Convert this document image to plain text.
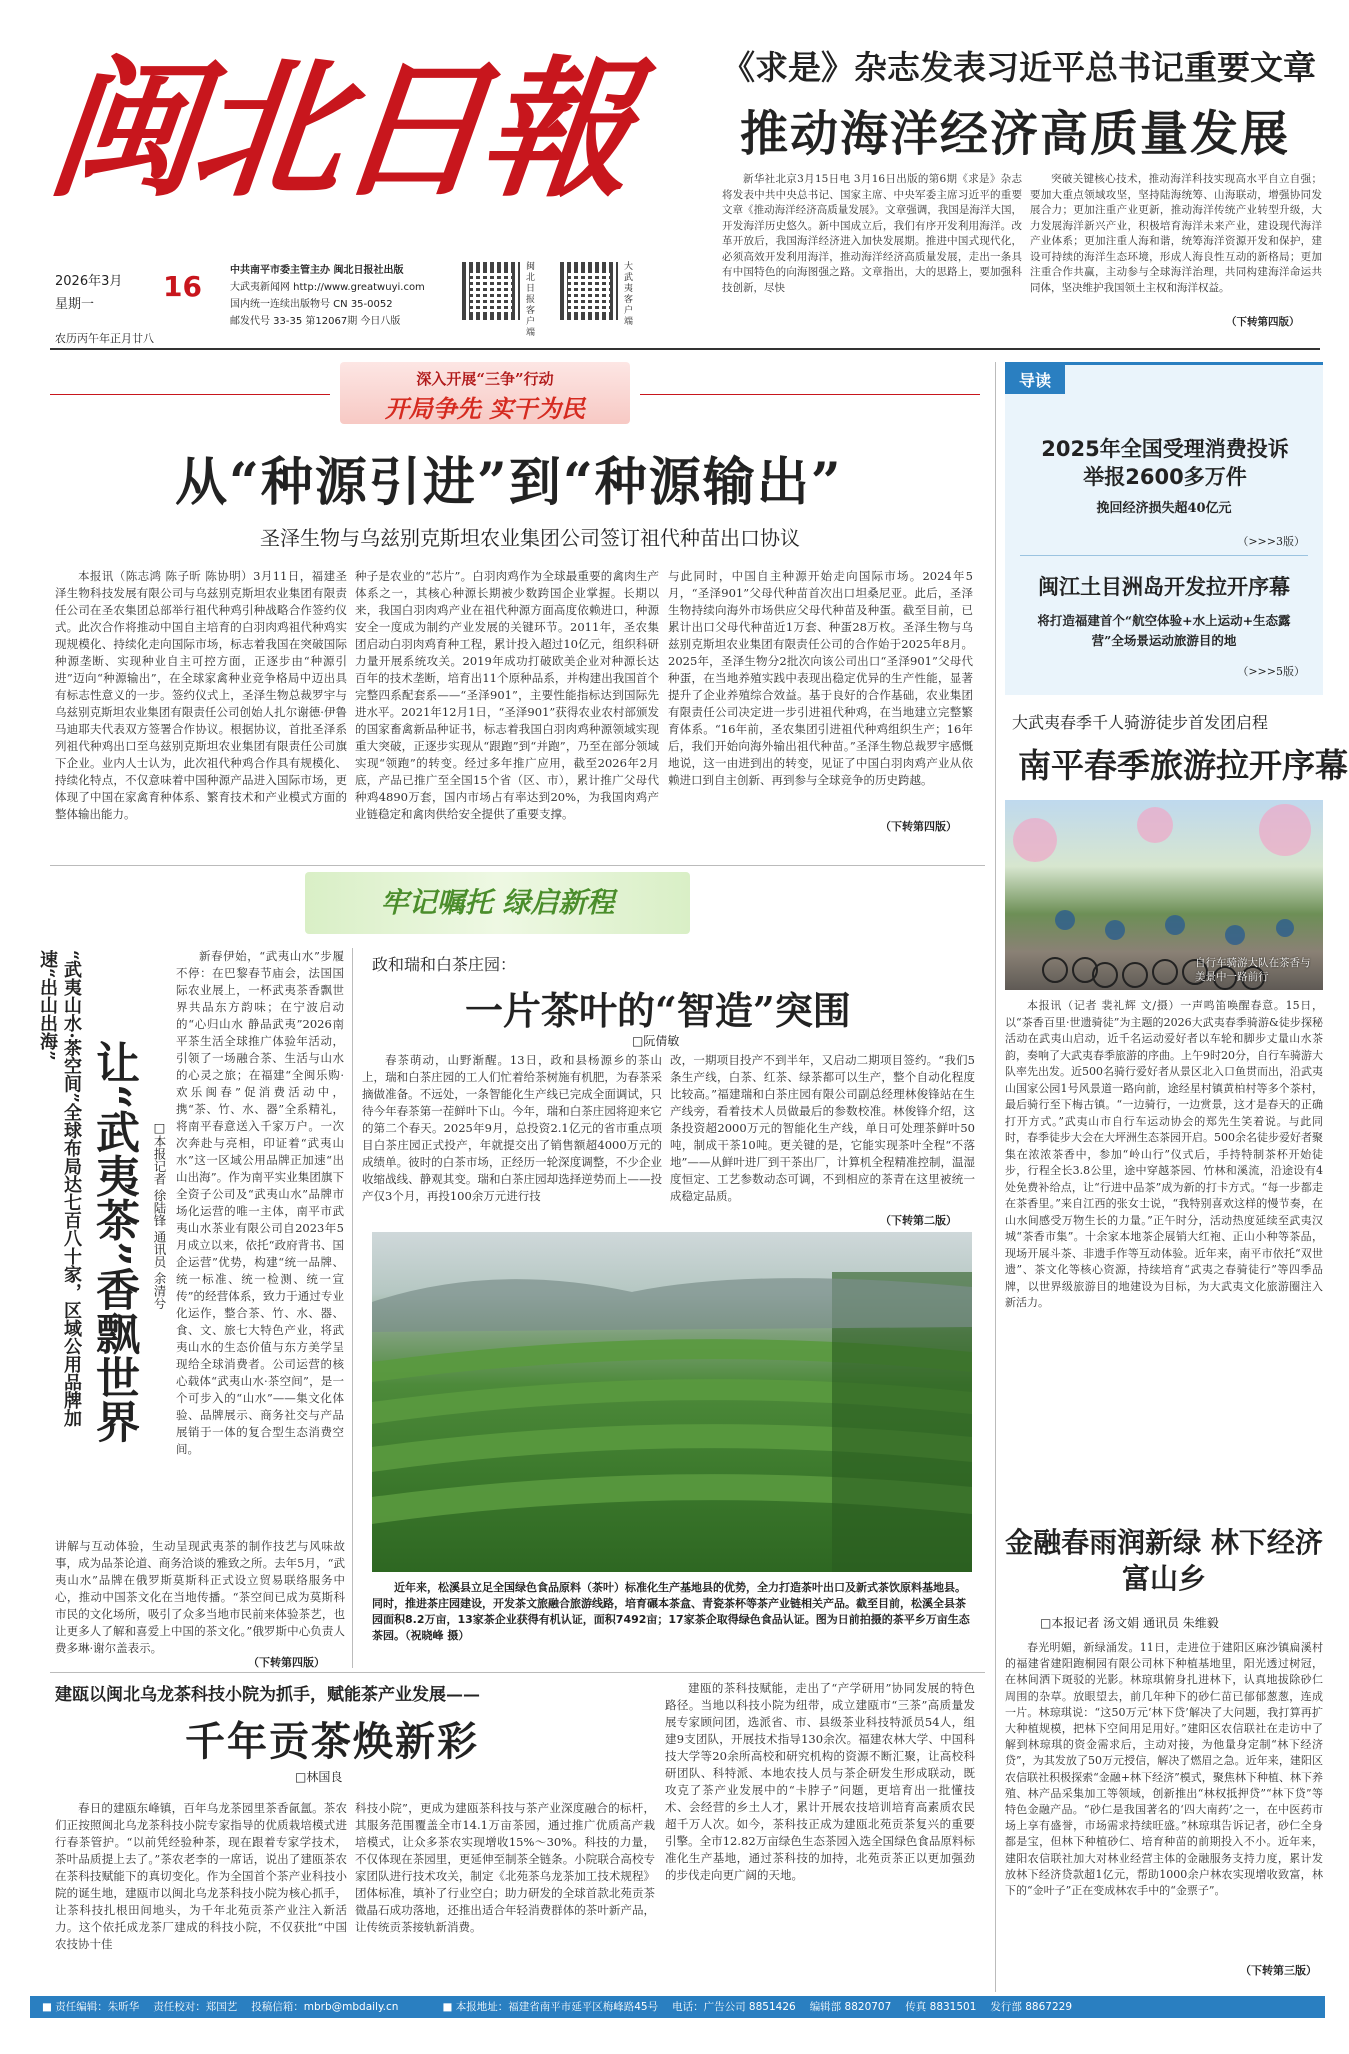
闽北日報
2026年3月
星期一
16
农历丙午年正月廿八
中共南平市委主管主办 闽北日报社出版
大武夷新闻网 http://www.greatwuyi.com
国内统一连续出版物号 CN 35-0052
邮发代号 33-35 第12067期 今日八版
闽北日报客户端
大武夷客户端
《求是》杂志发表习近平总书记重要文章
推动海洋经济高质量发展

新华社北京3月15日电 3月16日出版的第6期《求是》杂志将发表中共中央总书记、国家主席、中央军委主席习近平的重要文章《推动海洋经济高质量发展》。文章强调，我国是海洋大国，开发海洋历史悠久。新中国成立后，我们有序开发利用海洋。改革开放后，我国海洋经济进入加快发展期。推进中国式现代化，必须高效开发利用海洋，推动海洋经济高质量发展，走出一条具有中国特色的向海图强之路。文章指出，大的思路上，要加强科技创新，尽快

突破关键核心技术，推动海洋科技实现高水平自立自强；要加大重点领域攻坚，坚持陆海统筹、山海联动，增强协同发展合力；更加注重产业更新，推动海洋传统产业转型升级，大力发展海洋新兴产业，积极培育海洋未来产业，建设现代海洋产业体系；更加注重人海和谐，统筹海洋资源开发和保护，建设可持续的海洋生态环境，形成人海良性互动的新格局；更加注重合作共赢，主动参与全球海洋治理，共同构建海洋命运共同体，坚决维护我国领土主权和海洋权益。

（下转第四版）
深入开展“三争”行动
开局争先 实干为民
从“种源引进”到“种源输出”
圣泽生物与乌兹别克斯坦农业集团公司签订祖代种苗出口协议

本报讯（陈志鸿 陈子昕 陈协明）3月11日，福建圣泽生物科技发展有限公司与乌兹别克斯坦农业集团有限责任公司在圣农集团总部举行祖代种鸡引种战略合作签约仪式。此次合作将推动中国自主培育的白羽肉鸡祖代种鸡实现规模化、持续化走向国际市场，标志着我国在突破国际种源垄断、实现种业自主可控方面，正逐步由“种源引进”迈向“种源输出”，在全球家禽种业竞争格局中迈出具有标志性意义的一步。签约仪式上，圣泽生物总裁罗宇与乌兹别克斯坦农业集团有限责任公司创始人扎尔谢德·伊鲁马迪耶夫代表双方签署合作协议。根据协议，首批圣泽系列祖代种鸡出口至乌兹别克斯坦农业集团有限责任公司旗下企业。业内人士认为，此次祖代种鸡合作具有规模化、持续化特点，不仅意味着中国种源产品进入国际市场，更体现了中国在家禽育种体系、繁育技术和产业模式方面的整体输出能力。

种子是农业的“芯片”。白羽肉鸡作为全球最重要的禽肉生产体系之一，其核心种源长期被少数跨国企业掌握。长期以来，我国白羽肉鸡产业在祖代种源方面高度依赖进口，种源安全一度成为制约产业发展的关键环节。2011年，圣农集团启动白羽肉鸡育种工程，累计投入超过10亿元，组织科研力量开展系统攻关。2019年成功打破欧美企业对种源长达百年的技术垄断，培育出11个原种品系，并构建出我国首个完整四系配套系——“圣泽901”，主要性能指标达到国际先进水平。2021年12月1日，“圣泽901”获得农业农村部颁发的国家畜禽新品种证书，标志着我国白羽肉鸡种源领域实现重大突破，正逐步实现从“跟跑”到“并跑”，乃至在部分领域实现“领跑”的转变。经过多年推广应用，截至2026年2月底，产品已推广至全国15个省（区、市），累计推广父母代种鸡4890万套，国内市场占有率达到20%，为我国肉鸡产业链稳定和禽肉供给安全提供了重要支撑。

与此同时，中国自主种源开始走向国际市场。2024年5月，“圣泽901”父母代种苗首次出口坦桑尼亚。此后，圣泽生物持续向海外市场供应父母代种苗及种蛋。截至目前，已累计出口父母代种苗近1万套、种蛋28万枚。圣泽生物与乌兹别克斯坦农业集团有限责任公司的合作始于2025年8月。2025年，圣泽生物分2批次向该公司出口“圣泽901”父母代种蛋，在当地养殖实践中表现出稳定优异的生产性能，显著提升了企业养殖综合效益。基于良好的合作基础，农业集团有限责任公司决定进一步引进祖代种鸡，在当地建立完整繁育体系。“16年前，圣农集团引进祖代种鸡组织生产；16年后，我们开始向海外输出祖代种苗。”圣泽生物总裁罗宇感慨地说，这一由进到出的转变，见证了中国白羽肉鸡产业从依赖进口到自主创新、再到参与全球竞争的历史跨越。

（下转第四版）
导读
2025年全国受理消费投诉举报2600多万件
挽回经济损失超40亿元
（>>>3版）
闽江土目洲岛开发拉开序幕
将打造福建首个“航空体验+水上运动+生态露营”全场景运动旅游目的地
（>>>5版）
大武夷春季千人骑游徒步首发团启程
南平春季旅游拉开序幕
自行车骑游大队在茶香与美景中一路前行

本报讯（记者 裴礼辉 文/摄）一声鸣笛唤醒春意。15日，以“茶香百里·世遗骑徒”为主题的2026大武夷春季骑游&徒步探秘活动在武夷山启动，近千名运动爱好者以车轮和脚步丈量山水茶韵，奏响了大武夷春季旅游的序曲。上午9时20分，自行车骑游大队率先出发。近500名骑行爱好者从景区北入口鱼贯而出，沿武夷山国家公园1号风景道一路向前，途经星村镇黄柏村等多个茶村，最后骑行至下梅古镇。“一边骑行，一边赏景，这才是春天的正确打开方式。”武夷山市自行车运动协会的郑先生笑着说。与此同时，春季徒步大会在大坪洲生态茶园开启。500余名徒步爱好者聚集在浓浓茶香中，参加“岭山行”仪式后，手持特制茶杯开始徒步，行程全长3.8公里，途中穿越茶园、竹林和溪流，沿途设有4处免费补给点，让“行进中品茶”成为新的打卡方式。“每一步都走在茶香里。”来自江西的张女士说，“我特别喜欢这样的慢节奏，在山水间感受万物生长的力量。”正午时分，活动热度延续至武夷汉城“茶香市集”。十余家本地茶企展销大红袍、正山小种等茶品，现场开展斗茶、非遗手作等互动体验。近年来，南平市依托“双世遗”、茶文化等核心资源，持续培育“武夷之春骑徒行”等四季品牌，以世界级旅游目的地建设为目标，为大武夷文化旅游圈注入新活力。

金融春雨润新绿 林下经济富山乡
□本报记者 汤文娟 通讯员 朱维毅

春光明媚，新绿涌发。11日，走进位于建阳区麻沙镇扁溪村的福建省建阳跑桐园有限公司林下种植基地里，阳光透过树冠，在林间洒下斑驳的光影。林琼琪俯身扎进林下，认真地拔除砂仁周围的杂草。放眼望去，前几年种下的砂仁苗已郁郁葱葱，连成一片。林琼琪说：“这50万元‘林下贷’解决了大问题，我打算再扩大种植规模，把林下空间用足用好。”建阳区农信联社在走访中了解到林琼琪的资金需求后，主动对接，为他量身定制“林下经济贷”，为其发放了50万元授信，解决了燃眉之急。近年来，建阳区农信联社积极探索“金融+林下经济”模式，聚焦林下种植、林下养殖、林产品采集加工等领域，创新推出“林权抵押贷”“林下贷”等特色金融产品。“砂仁是我国著名的‘四大南药’之一，在中医药市场上享有盛誉，市场需求持续旺盛。”林琼琪告诉记者，砂仁全身都是宝，但林下种植砂仁、培育种苗的前期投入不小。近年来，建阳农信联社加大对林业经营主体的金融服务支持力度，累计发放林下经济贷款超1亿元，帮助1000余户林农实现增收致富，林下的“金叶子”正在变成林农手中的“金票子”。

（下转第三版）
牢记嘱托 绿启新程
“武夷山水·茶空间”全球布局达七百八十家，区域公用品牌加速“出山出海”
让“武夷茶”香飘世界	□本报记者 徐陆锋 通讯员 余清兮

新春伊始，“武夷山水”步履不停：在巴黎春节庙会，法国国际农业展上，一杯武夷茶香飘世界共品东方韵味；在宁波启动的“心归山水 静品武夷”2026南平茶生活全球推广体验年活动，引领了一场融合茶、生活与山水的心灵之旅；在福建“全闽乐购·欢乐闽春”促消费活动中，携“茶、竹、水、器”全系精礼，将南平春意送入千家万户。一次次奔赴与亮相，印证着“武夷山水”这一区域公用品牌正加速“出山出海”。作为南平实业集团旗下全资子公司及“武夷山水”品牌市场化运营的唯一主体，南平市武夷山水茶业有限公司自2023年5月成立以来，依托“政府背书、国企运营”优势，构建“统一品牌、统一标准、统一检测、统一宣传”的经营体系，致力于通过专业化运作，整合茶、竹、水、器、食、文、旅七大特色产业，将武夷山水的生态价值与东方美学呈现给全球消费者。公司运营的核心载体“武夷山水·茶空间”，是一个可步入的“山水”——集文化体验、品牌展示、商务社交与产品展销于一体的复合型生态消费空间。

讲解与互动体验，生动呈现武夷茶的制作技艺与风味故事，成为品茶论道、商务洽谈的雅致之所。去年5月，“武夷山水”品牌在俄罗斯莫斯科正式设立贸易联络服务中心，推动中国茶文化在当地传播。“茶空间已成为莫斯科市民的文化场所，吸引了众多当地市民前来体验茶艺，也让更多人了解和喜爱上中国的茶文化。”俄罗斯中心负责人费多琳·谢尔盖表示。

（下转第四版）
政和瑞和白茶庄园：
一片茶叶的“智造”突围
□阮倩敏

春茶萌动，山野渐醒。13日，政和县杨源乡的茶山上，瑞和白茶庄园的工人们忙着给茶树施有机肥，为春茶采摘做准备。不远处，一条智能化生产线已完成全面调试，只待今年春茶第一茬鲜叶下山。今年，瑞和白茶庄园将迎来它的第二个春天。2025年9月，总投资2.1亿元的省市重点项目白茶庄园正式投产，年就提交出了销售额超4000万元的成绩单。彼时的白茶市场，正经历一轮深度调整，不少企业收缩战线、静观其变。瑞和白茶庄园却选择逆势而上——投产仅3个月，再投100余万元进行技

改，一期项目投产不到半年，又启动二期项目签约。“我们5条生产线，白茶、红茶、绿茶都可以生产，整个自动化程度比较高。”福建瑞和白茶庄园有限公司副总经理林俊锋站在生产线旁，看着技术人员做最后的参数校准。林俊锋介绍，这条投资超2000万元的智能化生产线，单日可处理茶鲜叶50吨，制成干茶10吨。更关键的是，它能实现茶叶全程“不落地”——从鲜叶进厂到干茶出厂，计算机全程精准控制，温湿度恒定、工艺参数动态可调，不到相应的茶青在这里被统一成稳定品质。

（下转第二版）

近年来，松溪县立足全国绿色食品原料（茶叶）标准化生产基地县的优势，全力打造茶叶出口及新式茶饮原料基地县。同时，推进茶庄园建设，开发茶文旅融合旅游线路，培育碾本茶盒、青瓷茶杯等茶产业链相关产品。截至目前，松溪全县茶园面积8.2万亩，13家茶企业获得有机认证，面积7492亩；17家茶企取得绿色食品认证。图为日前拍摄的茶平乡万亩生态茶园。（祝晓峰 摄）

建瓯以闽北乌龙茶科技小院为抓手，赋能茶产业发展——
千年贡茶焕新彩
□林国良

春日的建瓯东峰镇，百年乌龙茶园里茶香氤氲。茶农们正按照闽北乌龙茶科技小院专家指导的优质栽培模式进行春茶管护。“以前凭经验种茶，现在跟着专家学技术，茶叶品质提上去了。”茶农老李的一席话，说出了建瓯茶农在茶科技赋能下的真切变化。作为全国首个茶产业科技小院的诞生地，建瓯市以闽北乌龙茶科技小院为核心抓手，让茶科技扎根田间地头，为千年北苑贡茶产业注入新活力。这个依托成龙茶厂建成的科技小院，不仅获批“中国农技协十佳

科技小院”，更成为建瓯茶科技与茶产业深度融合的标杆，其服务范围覆盖全市14.1万亩茶园，通过推广优质高产栽培模式，让众多茶农实现增收15%～30%。科技的力量，不仅体现在茶园里，更延伸至制茶全链条。小院联合高校专家团队进行技术攻关，制定《北苑茶乌龙茶加工技术规程》团体标准，填补了行业空白；助力研发的全球首款北苑贡茶微晶石成功落地，还推出适合年轻消费群体的茶叶新产品，让传统贡茶接轨新消费。

建瓯的茶科技赋能，走出了“产学研用”协同发展的特色路径。当地以科技小院为纽带，成立建瓯市“三茶”高质量发展专家顾问团，选派省、市、县级茶业科技特派员54人，组建9支团队，开展技术指导130余次。福建农林大学、中国科技大学等20余所高校和研究机构的资源不断汇聚，让高校科研团队、科特派、本地农技人员与茶企研发生形成联动，既攻克了茶产业发展中的“卡脖子”问题，更培育出一批懂技术、会经营的乡土人才，累计开展农技培训培育高素质农民超千万人次。如今，茶科技正成为建瓯北苑贡茶复兴的重要引擎。全市12.82万亩绿色生态茶园入选全国绿色食品原料标准化生产基地，通过茶科技的加持，北苑贡茶正以更加强劲的步伐走向更广阔的天地。

■ 责任编辑：朱昕华 责任校对：郑国艺 投稿信箱：mbrb@mbdaily.cn	■ 本报地址：福建省南平市延平区梅峰路45号 电话：广告公司 8851426 编辑部 8820707 传真 8831501 发行部 8867229
